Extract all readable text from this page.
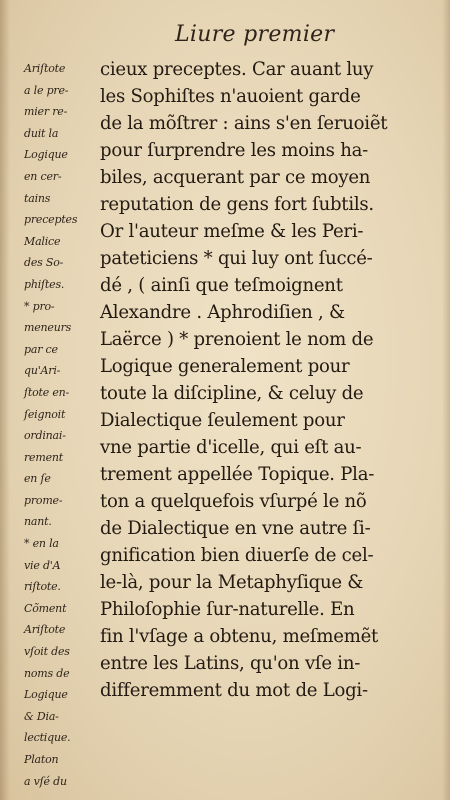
Liure premier
Ariſtote
a le pre-
mier re-
duit la
Logique
en cer-
tains
preceptes
Malice
des So-
phiſtes.
* pro-
meneurs
par ce
qu'Ari-
ſtote en-
ſeignoit
ordinai-
rement
en ſe
prome-
nant.
* en la
vie d'A
riſtote.
Cõment
Ariſtote
vſoit des
noms de
Logique
& Dia-
lectique.
Platon
a vſé du
cieux preceptes. Car auant luy
les Sophiſtes n'auoient garde
de la mõſtrer : ains s'en ſeruoiẽt
pour ſurprendre les moins ha-
biles, acquerant par ce moyen
reputation de gens fort ſubtils.
Or l'auteur meſme & les Peri-
pateticiens * qui luy ont ſuccé-
dé , ( ainſi que teſmoignent
Alexandre . Aphrodiſien , &
Laërce ) * prenoient le nom de
Logique generalement pour
toute la diſcipline, & celuy de
Dialectique ſeulement pour
vne partie d'icelle, qui eſt au-
trement appellée Topique. Pla-
ton a quelquefois vſurpé le nõ
de Dialectique en vne autre ſi-
gnification bien diuerſe de cel-
le-là, pour la Metaphyſique &
Philoſophie ſur-naturelle. En
fin l'vſage a obtenu, meſmemẽt
entre les Latins, qu'on vſe in-
differemment du mot de Logi-
